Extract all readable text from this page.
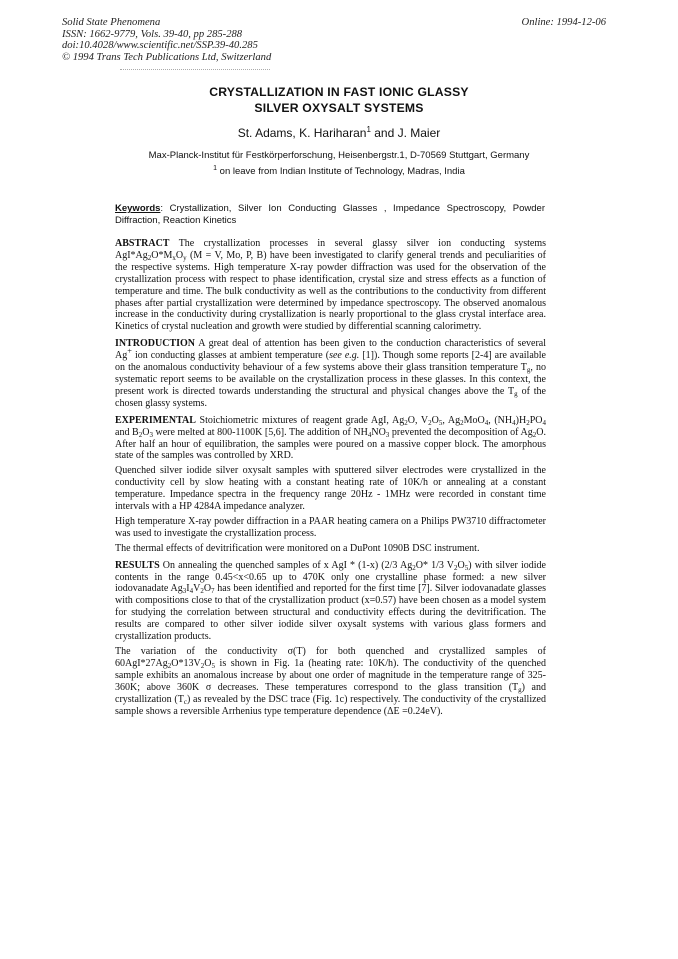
Solid State Phenomena
ISSN: 1662-9779, Vols. 39-40, pp 285-288
doi:10.4028/www.scientific.net/SSP.39-40.285
© 1994 Trans Tech Publications Ltd, Switzerland
Online: 1994-12-06
CRYSTALLIZATION IN FAST IONIC GLASSY
SILVER OXYSALT SYSTEMS
St. Adams, K. Hariharan$^1$ and J. Maier
Max-Planck-Institut für Festkörperforschung, Heisenbergstr.1, D-70569 Stuttgart, Germany
$^1$ on leave from Indian Institute of Technology, Madras, India
Keywords: Crystallization, Silver Ion Conducting Glasses , Impedance Spectroscopy, Powder Diffraction, Reaction Kinetics

ABSTRACT The crystallization processes in several glassy silver ion conducting systems $AgI*Ag_2O*M_xO_y$ (M = V, Mo, P, B) have been investigated to clarify general trends and peculiarities of the respective systems. High temperature X-ray powder diffraction was used for the observation of the crystallization process with respect to phase identification, crystal size and stress effects as a function of temperature and time. The bulk conductivity as well as the contributions to the conductivity from different phases after partial crystallization were determined by impedance spectroscopy. The observed anomalous increase in the conductivity during crystallization is nearly proportional to the glass crystal interface area. Kinetics of crystal nucleation and growth were studied by differential scanning calorimetry.

INTRODUCTION A great deal of attention has been given to the conduction characteristics of several Ag+ ion conducting glasses at ambient temperature (see e.g. [1]). Though some reports [2-4] are available on the anomalous conductivity behaviour of a few systems above their glass transition temperature $T_g$, no systematic report seems to be available on the crystallization process in these glasses. In this context, the present work is directed towards understanding the structural and physical changes above the $T_g$ of the chosen glassy systems.

EXPERIMENTAL Stoichiometric mixtures of reagent grade AgI, $Ag_2O$, $V_2O_5$, $Ag_2MoO_4$, $(NH_4)H_2PO_4$ and $B_2O_3$ were melted at 800-1100K [5,6]. The addition of $NH_4NO_3$ prevented the decomposition of $Ag_2O$. After half an hour of equilibration, the samples were poured on a massive copper block. The amorphous state of the samples was controlled by XRD.

Quenched silver iodide silver oxysalt samples with sputtered silver electrodes were crystallized in the conductivity cell by slow heating with a constant heating rate of 10K/h or annealing at a constant temperature. Impedance spectra in the frequency range 20Hz - 1MHz were recorded in constant time intervals with a HP 4284A impedance analyzer.

High temperature X-ray powder diffraction in a PAAR heating camera on a Philips PW3710 diffractometer was used to investigate the crystallization process.

The thermal effects of devitrification were monitored on a DuPont 1090B DSC instrument.

RESULTS On annealing the quenched samples of x AgI * (1-x) (2/3 $Ag_2O*$ 1/3 $V_2O_5$) with silver iodide contents in the range 0.45<x<0.65 up to 470K only one crystalline phase formed: a new silver iodovanadate $Ag_3I_4V_2O_7$ has been identified and reported for the first time [7]. Silver iodovanadate glasses with compositions close to that of the crystallization product (x=0.57) have been chosen as a model system for studying the correlation between structural and conductivity effects during the devitrification. The results are compared to other silver iodide silver oxysalt systems with various glass formers and crystallization products.

The variation of the conductivity σ(T) for both quenched and crystallized samples of $60AgI*27Ag_2O*13V_2O_5$ is shown in Fig. 1a (heating rate: 10K/h). The conductivity of the quenched sample exhibits an anomalous increase by about one order of magnitude in the temperature range of 325-360K; above 360K σ decreases. These temperatures correspond to the glass transition $(T_g)$ and crystallization $(T_c)$ as revealed by the DSC trace (Fig. 1c) respectively. The conductivity of the crystallized sample shows a reversible Arrhenius type temperature dependence (ΔE =0.24eV).
